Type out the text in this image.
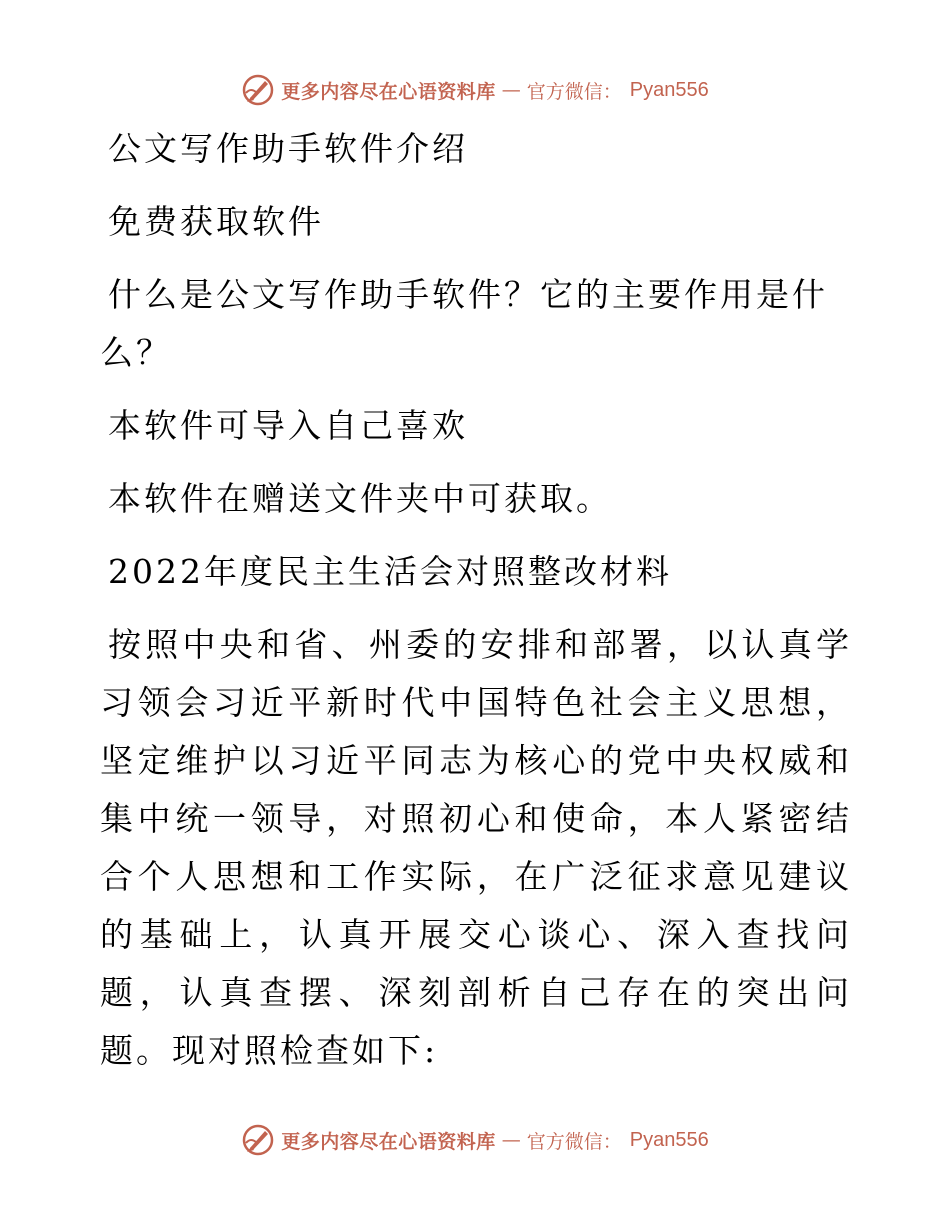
更多内容尽在心语资料库 — 官方微信： Pyan556
公文写作助手软件介绍
免费获取软件
什么是公文写作助手软件？它的主要作用是什么？
本软件可导入自己喜欢
本软件在赠送文件夹中可获取。
2022年度民主生活会对照整改材料
按照中央和省、州委的安排和部署，以认真学习领会习近平新时代中国特色社会主义思想，坚定维护以习近平同志为核心的党中央权威和集中统一领导，对照初心和使命，本人紧密结合个人思想和工作实际，在广泛征求意见建议的基础上，认真开展交心谈心、深入查找问题，认真查摆、深刻剖析自己存在的突出问题。现对照检查如下:
更多内容尽在心语资料库 — 官方微信： Pyan556
